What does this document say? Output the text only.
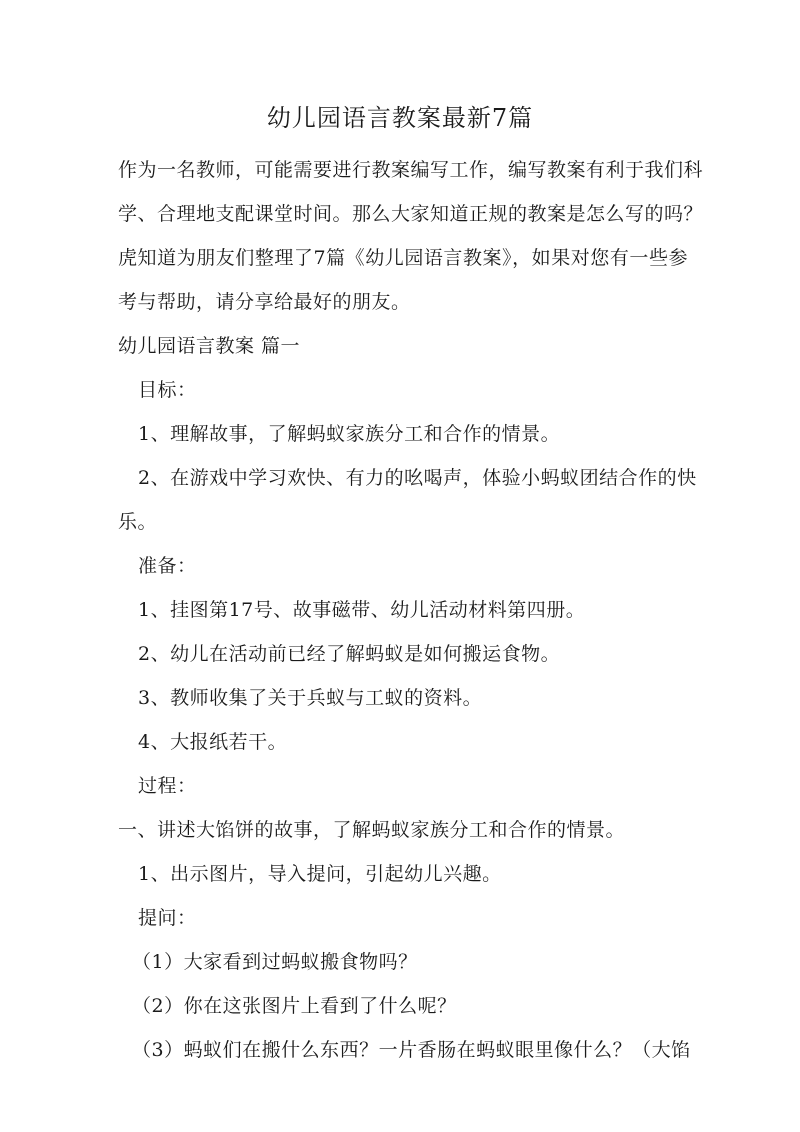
幼儿园语言教案最新7篇
作为一名教师，可能需要进行教案编写工作，编写教案有利于我们科
学、合理地支配课堂时间。那么大家知道正规的教案是怎么写的吗？
虎知道为朋友们整理了7篇《幼儿园语言教案》，如果对您有一些参
考与帮助，请分享给最好的朋友。
幼儿园语言教案 篇一
目标：
1、理解故事，了解蚂蚁家族分工和合作的情景。
2、在游戏中学习欢快、有力的吆喝声，体验小蚂蚁团结合作的快
乐。
准备：
1、挂图第17号、故事磁带、幼儿活动材料第四册。
2、幼儿在活动前已经了解蚂蚁是如何搬运食物。
3、教师收集了关于兵蚁与工蚁的资料。
4、大报纸若干。
过程：
一、讲述大馅饼的故事，了解蚂蚁家族分工和合作的情景。
1、出示图片，导入提问，引起幼儿兴趣。
提问：
（1）大家看到过蚂蚁搬食物吗？
（2）你在这张图片上看到了什么呢？
（3）蚂蚁们在搬什么东西？一片香肠在蚂蚁眼里像什么？（大馅
